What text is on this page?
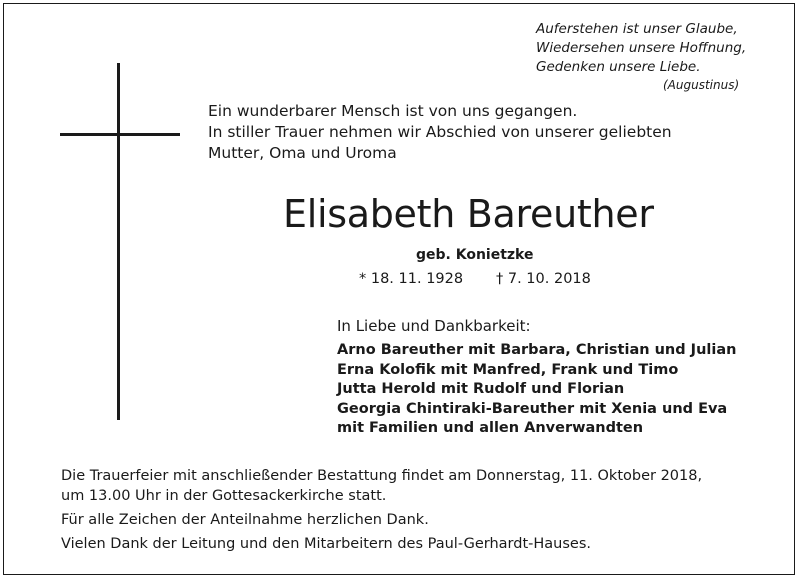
Auferstehen ist unser Glaube,
Wiedersehen unsere Hoffnung,
Gedenken unsere Liebe.
(Augustinus)
Ein wunderbarer Mensch ist von uns gegangen.
In stiller Trauer nehmen wir Abschied von unserer geliebten
Mutter, Oma und Uroma
Elisabeth Bareuther
geb. Konietzke
* 18. 11. 1928 † 7. 10. 2018
In Liebe und Dankbarkeit:
Arno Bareuther mit Barbara, Christian und Julian
Erna Kolofik mit Manfred, Frank und Timo
Jutta Herold mit Rudolf und Florian
Georgia Chintiraki-Bareuther mit Xenia und Eva
mit Familien und allen Anverwandten
Die Trauerfeier mit anschließender Bestattung findet am Donnerstag, 11. Oktober 2018,
um 13.00 Uhr in der Gottesackerkirche statt.
Für alle Zeichen der Anteilnahme herzlichen Dank.
Vielen Dank der Leitung und den Mitarbeitern des Paul-Gerhardt-Hauses.
